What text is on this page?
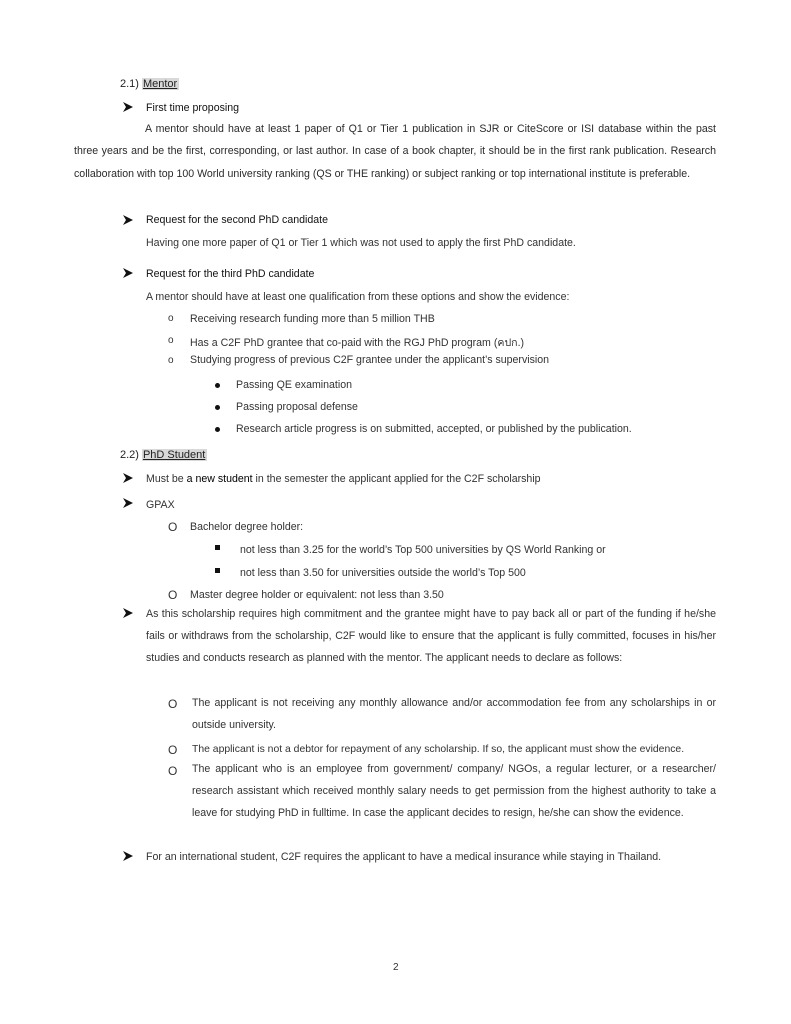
2.1) Mentor
First time proposing
A mentor should have at least 1 paper of Q1 or Tier 1 publication in SJR or CiteScore or ISI database within the past three years and be the first, corresponding, or last author. In case of a book chapter, it should be in the first rank publication. Research collaboration with top 100 World university ranking (QS or THE ranking) or subject ranking or top international institute is preferable.
Request for the second PhD candidate
Having one more paper of Q1 or Tier 1 which was not used to apply the first PhD candidate.
Request for the third PhD candidate
A mentor should have at least one qualification from these options and show the evidence:
o Receiving research funding more than 5 million THB
o Has a C2F PhD grantee that co-paid with the RGJ PhD program (คปก.)
o Studying progress of previous C2F grantee under the applicant’s supervision
Passing QE examination
Passing proposal defense
Research article progress is on submitted, accepted, or published by the publication.
2.2) PhD Student
Must be a new student in the semester the applicant applied for the C2F scholarship
GPAX
O Bachelor degree holder:
not less than 3.25 for the world’s Top 500 universities by QS World Ranking or
not less than 3.50 for universities outside the world’s Top 500
O Master degree holder or equivalent: not less than 3.50
As this scholarship requires high commitment and the grantee might have to pay back all or part of the funding if he/she fails or withdraws from the scholarship, C2F would like to ensure that the applicant is fully committed, focuses in his/her studies and conducts research as planned with the mentor. The applicant needs to declare as follows:
O The applicant is not receiving any monthly allowance and/or accommodation fee from any scholarships in or outside university.
O The applicant is not a debtor for repayment of any scholarship. If so, the applicant must show the evidence.
O The applicant who is an employee from government/ company/ NGOs, a regular lecturer, or a researcher/ research assistant which received monthly salary needs to get permission from the highest authority to take a leave for studying PhD in fulltime. In case the applicant decides to resign, he/she can show the evidence.
For an international student, C2F requires the applicant to have a medical insurance while staying in Thailand.
2
